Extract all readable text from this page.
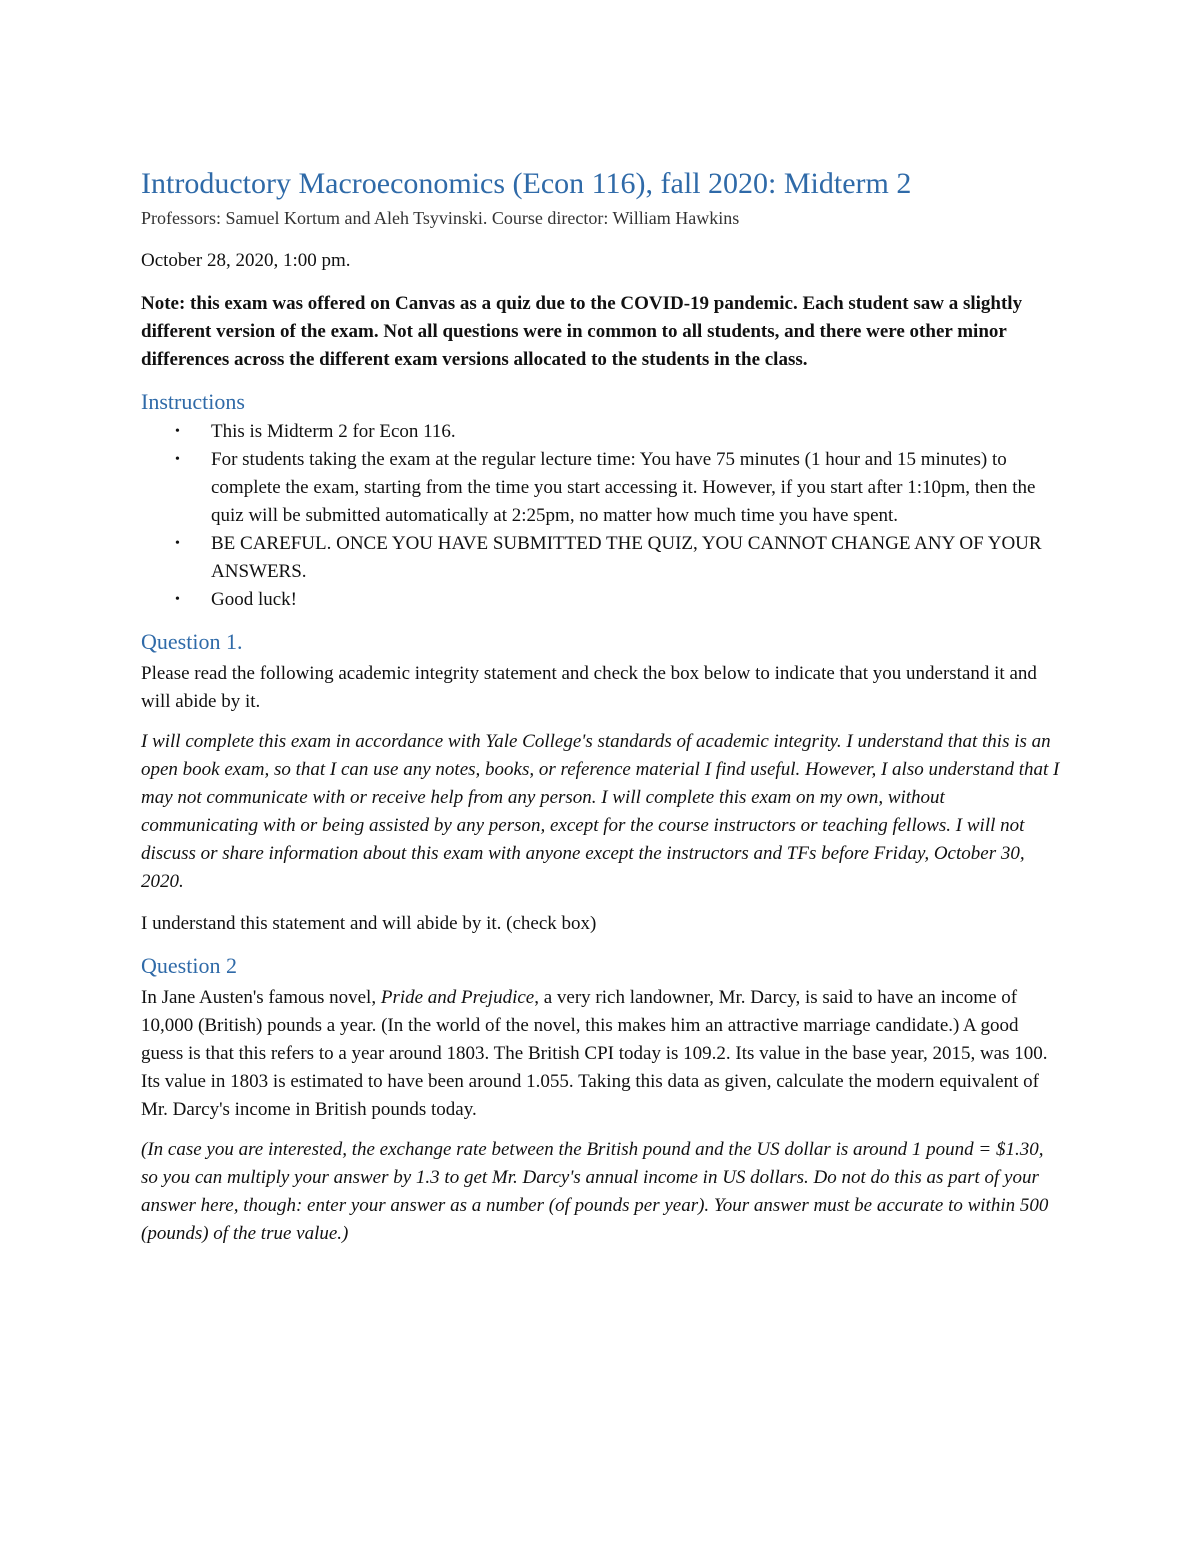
Introductory Macroeconomics (Econ 116), fall 2020: Midterm 2

Professors: Samuel Kortum and Aleh Tsyvinski. Course director: William Hawkins

October 28, 2020, 1:00 pm.

Note: this exam was offered on Canvas as a quiz due to the COVID-19 pandemic. Each student saw a slightly different version of the exam. Not all questions were in common to all students, and there were other minor differences across the different exam versions allocated to the students in the class.

Instructions
• This is Midterm 2 for Econ 116.
• For students taking the exam at the regular lecture time: You have 75 minutes (1 hour and 15 minutes) to complete the exam, starting from the time you start accessing it. However, if you start after 1:10pm, then the quiz will be submitted automatically at 2:25pm, no matter how much time you have spent.
• BE CAREFUL. ONCE YOU HAVE SUBMITTED THE QUIZ, YOU CANNOT CHANGE ANY OF YOUR ANSWERS.
• Good luck!
Question 1.

Please read the following academic integrity statement and check the box below to indicate that you understand it and will abide by it.

I will complete this exam in accordance with Yale College's standards of academic integrity. I understand that this is an open book exam, so that I can use any notes, books, or reference material I find useful. However, I also understand that I may not communicate with or receive help from any person. I will complete this exam on my own, without communicating with or being assisted by any person, except for the course instructors or teaching fellows. I will not discuss or share information about this exam with anyone except the instructors and TFs before Friday, October 30, 2020.

I understand this statement and will abide by it. (check box)

Question 2

In Jane Austen's famous novel, Pride and Prejudice, a very rich landowner, Mr. Darcy, is said to have an income of 10,000 (British) pounds a year. (In the world of the novel, this makes him an attractive marriage candidate.) A good guess is that this refers to a year around 1803. The British CPI today is 109.2. Its value in the base year, 2015, was 100. Its value in 1803 is estimated to have been around 1.055. Taking this data as given, calculate the modern equivalent of Mr. Darcy's income in British pounds today.

(In case you are interested, the exchange rate between the British pound and the US dollar is around 1 pound = $1.30, so you can multiply your answer by 1.3 to get Mr. Darcy's annual income in US dollars. Do not do this as part of your answer here, though: enter your answer as a number (of pounds per year). Your answer must be accurate to within 500 (pounds) of the true value.)
